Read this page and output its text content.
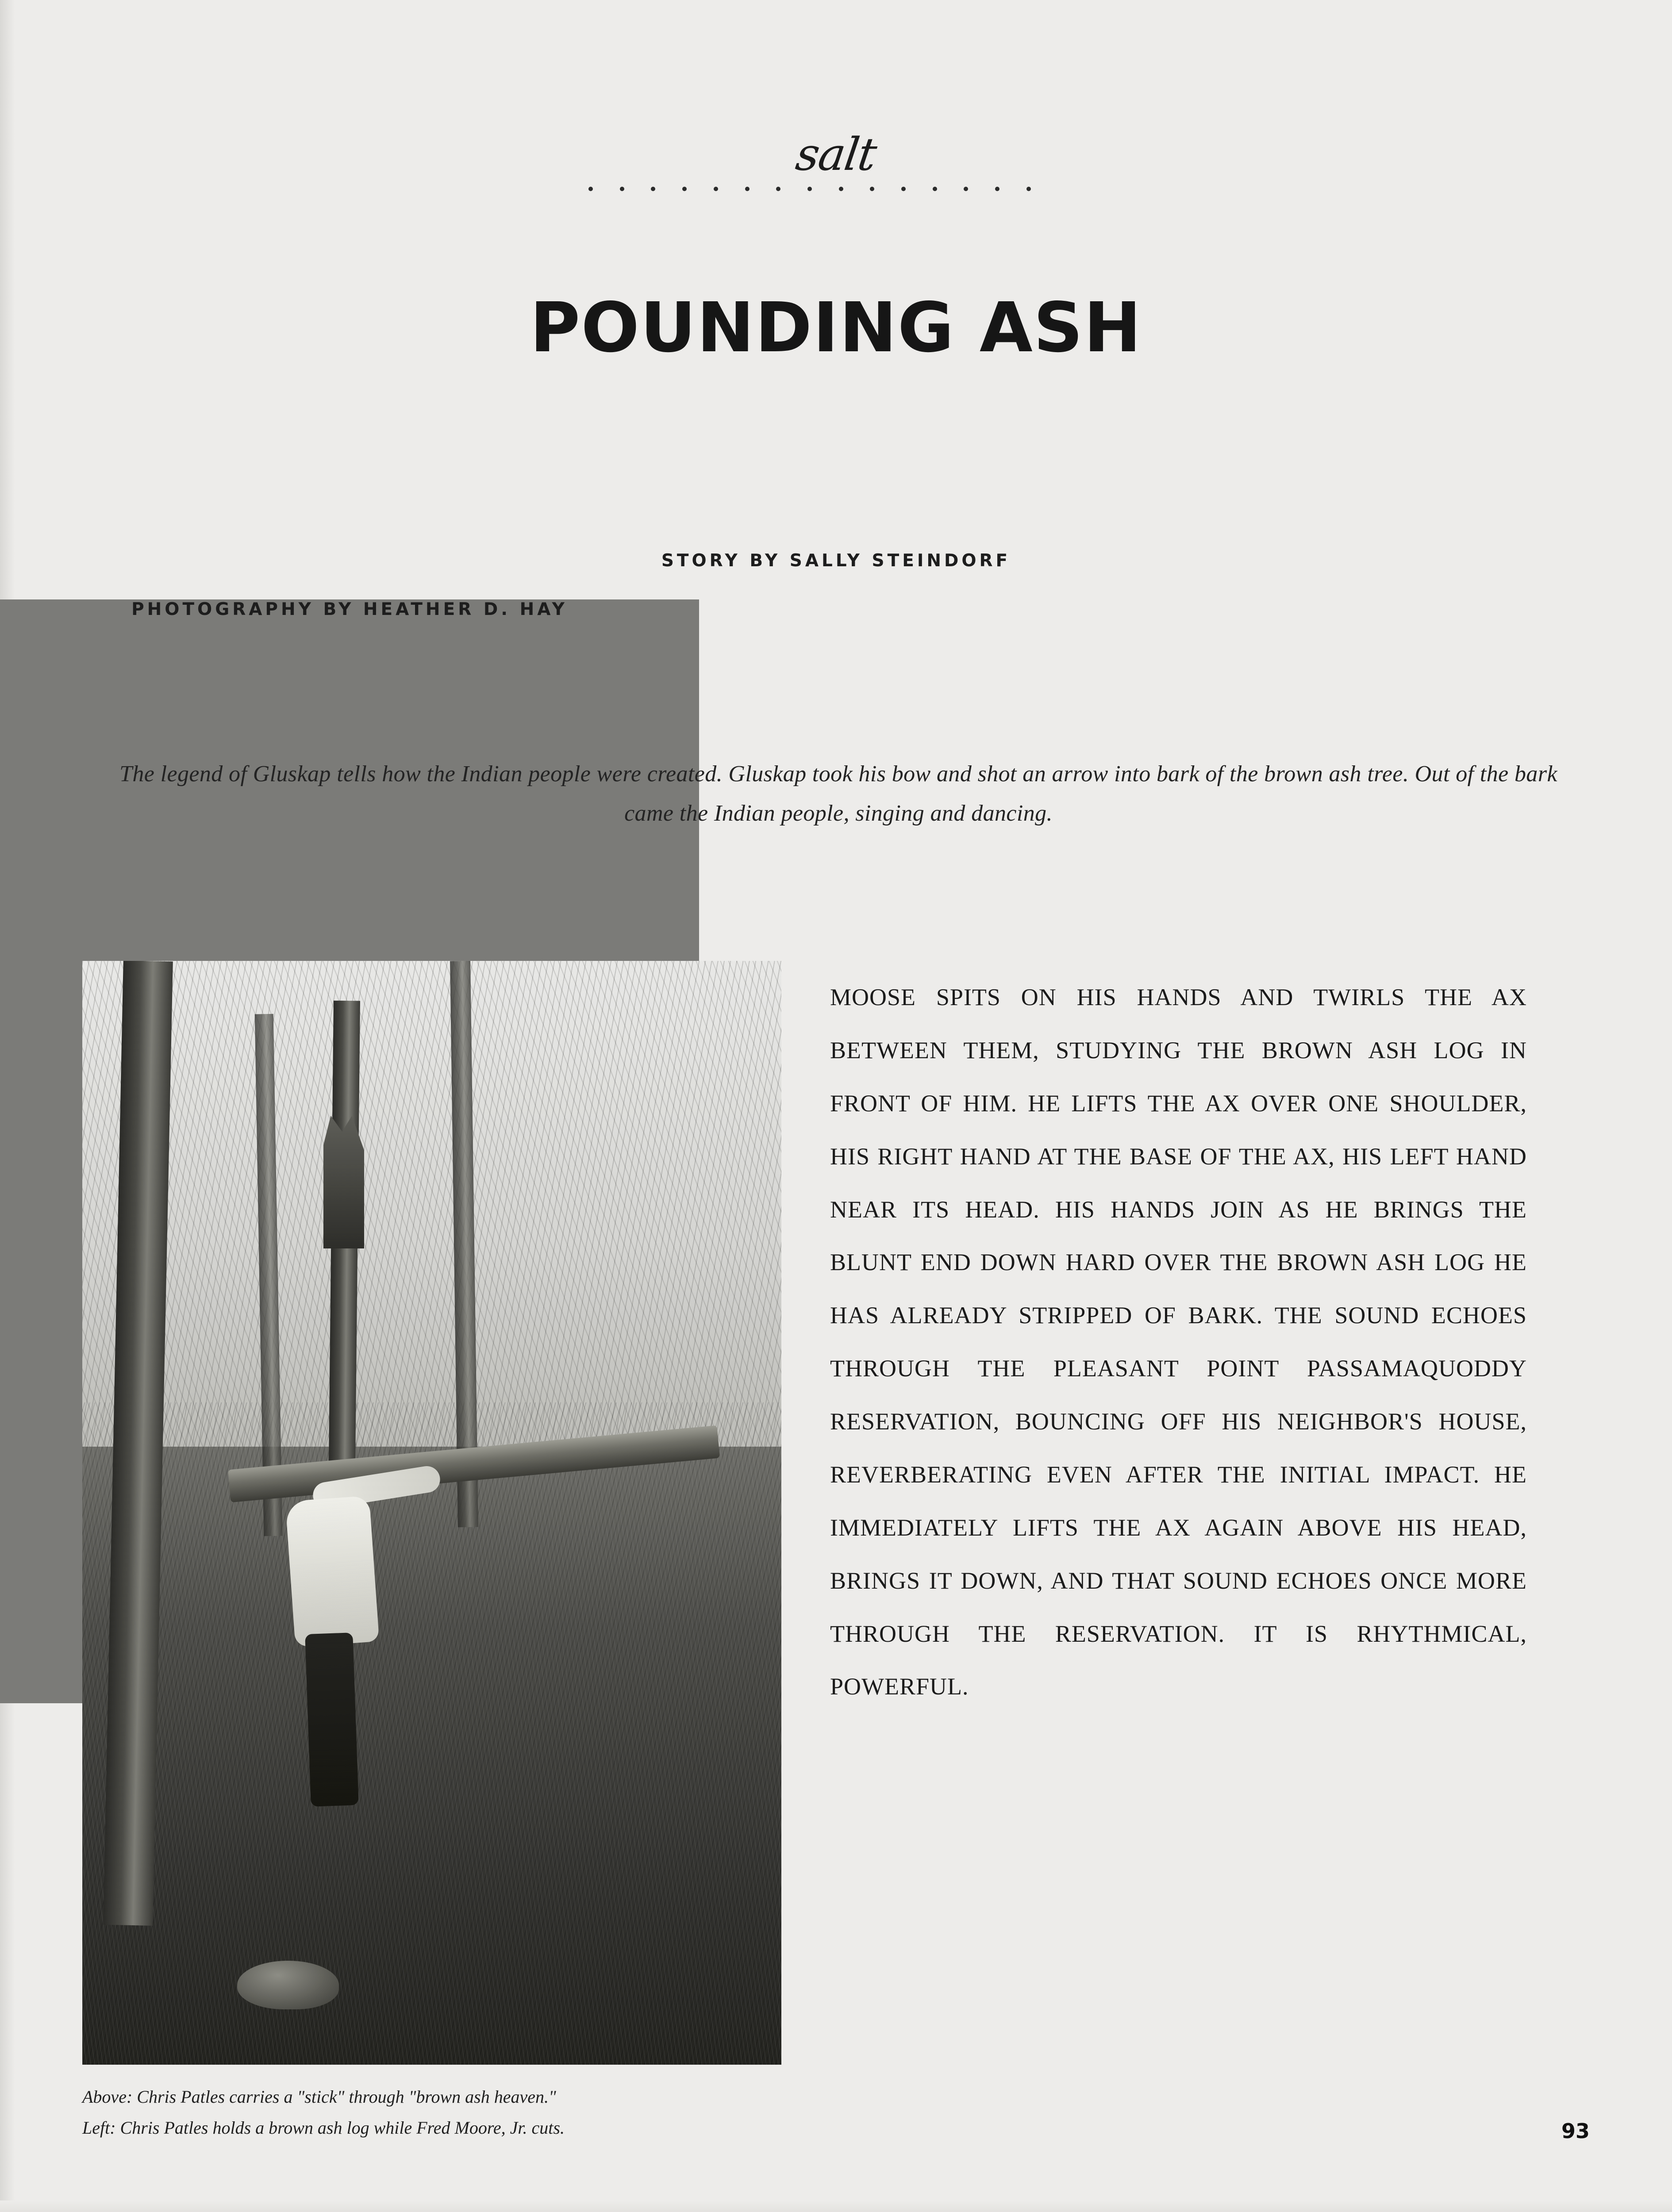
salt
POUNDING ASH
STORY BY SALLY STEINDORF
PHOTOGRAPHY BY HEATHER D. HAY
The legend of Gluskap tells how the Indian people were created. Gluskap took his bow and shot an arrow into bark of the brown ash tree. Out of the bark came the Indian people, singing and dancing.
Above: Chris Patles carries a "stick" through "brown ash heaven."
Left: Chris Patles holds a brown ash log while Fred Moore, Jr. cuts.
MOOSE SPITS ON HIS HANDS AND TWIRLS THE AX BETWEEN THEM, STUDYING THE BROWN ASH LOG IN FRONT OF HIM. HE LIFTS THE AX OVER ONE SHOULDER, HIS RIGHT HAND AT THE BASE OF THE AX, HIS LEFT HAND NEAR ITS HEAD. HIS HANDS JOIN AS HE BRINGS THE BLUNT END DOWN HARD OVER THE BROWN ASH LOG HE HAS ALREADY STRIPPED OF BARK. THE SOUND ECHOES THROUGH THE PLEASANT POINT PASSAMAQUODDY RESERVATION, BOUNCING OFF HIS NEIGHBOR'S HOUSE, REVERBERATING EVEN AFTER THE INITIAL IMPACT. HE IMMEDIATELY LIFTS THE AX AGAIN ABOVE HIS HEAD, BRINGS IT DOWN, AND THAT SOUND ECHOES ONCE MORE THROUGH THE RESERVATION. IT IS RHYTHMICAL, POWERFUL.
93
